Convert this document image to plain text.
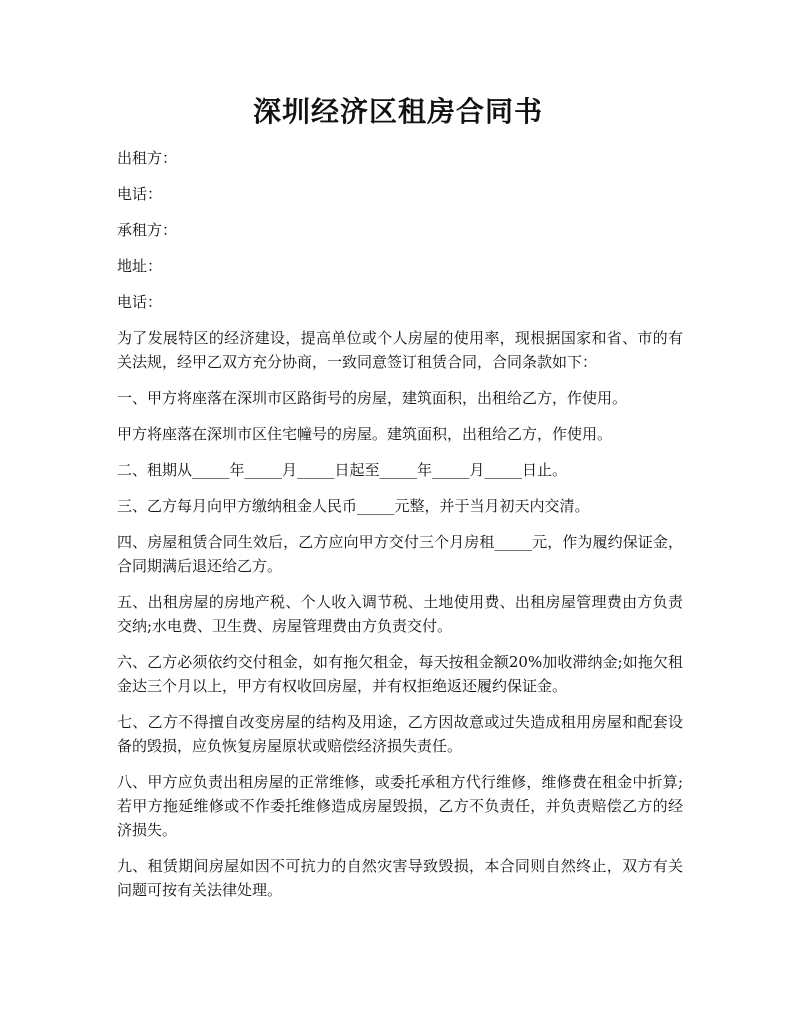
深圳经济区租房合同书

出租方：

电话：

承租方：

地址：

电话：

为了发展特区的经济建设，提高单位或个人房屋的使用率，现根据国家和省、市的有关法规，经甲乙双方充分协商，一致同意签订租赁合同，合同条款如下：

一、甲方将座落在深圳市区路街号的房屋，建筑面积，出租给乙方，作使用。

甲方将座落在深圳市区住宅幢号的房屋。建筑面积，出租给乙方，作使用。

二、租期从_____年_____月_____日起至_____年_____月_____日止。

三、乙方每月向甲方缴纳租金人民币_____元整，并于当月初天内交清。

四、房屋租赁合同生效后，乙方应向甲方交付三个月房租_____元，作为履约保证金，合同期满后退还给乙方。

五、出租房屋的房地产税、个人收入调节税、土地使用费、出租房屋管理费由方负责交纳;水电费、卫生费、房屋管理费由方负责交付。

六、乙方必须依约交付租金，如有拖欠租金，每天按租金额20%加收滞纳金;如拖欠租金达三个月以上，甲方有权收回房屋，并有权拒绝返还履约保证金。

七、乙方不得擅自改变房屋的结构及用途，乙方因故意或过失造成租用房屋和配套设备的毁损，应负恢复房屋原状或赔偿经济损失责任。

八、甲方应负责出租房屋的正常维修，或委托承租方代行维修，维修费在租金中折算;若甲方拖延维修或不作委托维修造成房屋毁损，乙方不负责任，并负责赔偿乙方的经济损失。

九、租赁期间房屋如因不可抗力的自然灾害导致毁损，本合同则自然终止，双方有关问题可按有关法律处理。
